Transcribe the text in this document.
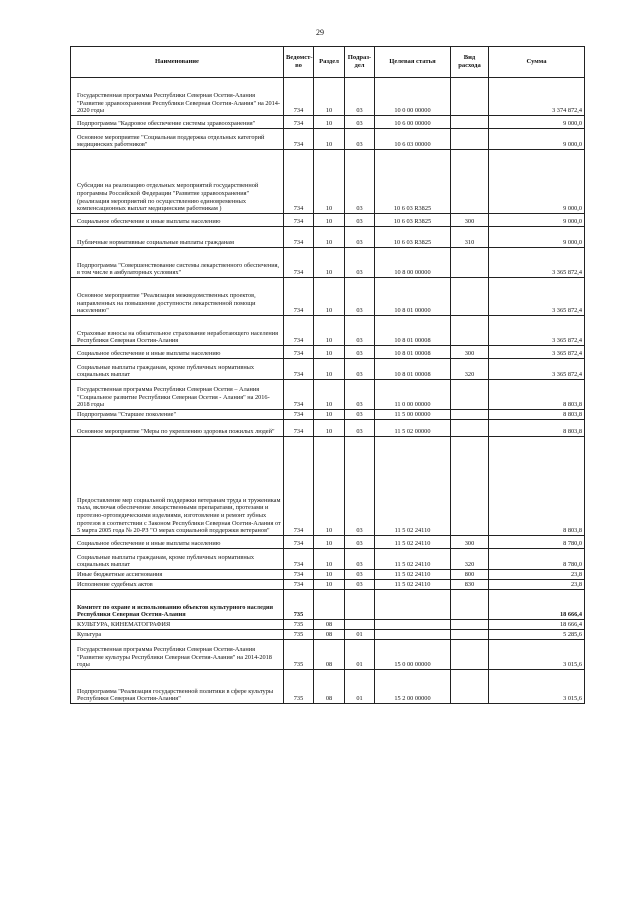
29
Наименование	Ведомст-во	Раздел	Подраз-дел	Целевая статья	Вид расхода	Сумма
Государственная программа Республики Северная Осетия-Алания "Развитие здравоохранения Республики Северная Осетия-Алания" на 2014-2020 годы	734	10	03	10 0 00 00000		3 374 872,4
Подпрограмма "Кадровое обеспечение системы здравоохранения"	734	10	03	10 6 00 00000		9 000,0
Основное мероприятие "Социальная поддержка отдельных категорий медицинских работников"	734	10	03	10 6 03 00000		9 000,0
Субсидии на реализацию отдельных мероприятий государственной программы Российской Федерации "Развитие здравоохранения" (реализация мероприятий по осуществлению единовременных компенсационных выплат медицинским работникам )	734	10	03	10 6 03 R3825		9 000,0
Социальное обеспечение и иные выплаты населению	734	10	03	10 6 03 R3825	300	9 000,0
Публичные нормативные социальные выплаты гражданам	734	10	03	10 6 03 R3825	310	9 000,0
Подпрограмма "Совершенствование системы лекарственного обеспечения, в том числе в амбулаторных условиях"	734	10	03	10 8 00 00000		3 365 872,4
Основное мероприятие "Реализация межведомственных проектов, направленных на повышение доступности лекарственной помощи населению"	734	10	03	10 8 01 00000		3 365 872,4
Страховые взносы на обязательное страхование неработающего населения Республики Северная Осетия-Алания	734	10	03	10 8 01 00008		3 365 872,4
Социальное обеспечение и иные выплаты населению	734	10	03	10 8 01 00008	300	3 365 872,4
Социальные выплаты гражданам, кроме публичных нормативных социальных выплат	734	10	03	10 8 01 00008	320	3 365 872,4
Государственная программа Республики Северная Осетия – Алания "Социальное развитие Республики Северная Осетия - Алания" на 2016-2018 годы	734	10	03	11 0 00 00000		8 803,8
Подпрограмма "Старшее поколение"	734	10	03	11 5 00 00000		8 803,8
Основное мероприятие "Меры по укреплению здоровья пожилых людей"	734	10	03	11 5 02 00000		8 803,8
Предоставление мер социальной поддержки ветеранам труда и труженикам тыла, включая обеспечение лекарственными препаратами, протезами и протезно-ортопедическими изделиями, изготовление и ремонт зубных протезов в соответствии с Законом Республики Северная Осетия-Алания от 5 марта 2005 года № 20-РЗ "О мерах социальной поддержки ветеранов"	734	10	03	11 5 02 24110		8 803,8
Социальное обеспечение и иные выплаты населению	734	10	03	11 5 02 24110	300	8 780,0
Социальные выплаты гражданам, кроме публичных нормативных социальных выплат	734	10	03	11 5 02 24110	320	8 780,0
Иные бюджетные ассигнования	734	10	03	11 5 02 24110	800	23,8
Исполнение судебных актов	734	10	03	11 5 02 24110	830	23,8
Комитет по охране и использованию объектов культурного наследия Республики Северная Осетия-Алания	735					18 666,4
КУЛЬТУРА, КИНЕМАТОГРАФИЯ	735	08				18 666,4
Культура	735	08	01			5 285,6
Государственная программа Республики Северная Осетия-Алания "Развитие культуры Республики Северная Осетия-Алания" на 2014-2018 годы	735	08	01	15 0 00 00000		3 015,6
Подпрограмма "Реализация государственной политики в сфере культуры Республики Северная Осетия-Алания"	735	08	01	15 2 00 00000		3 015,6
